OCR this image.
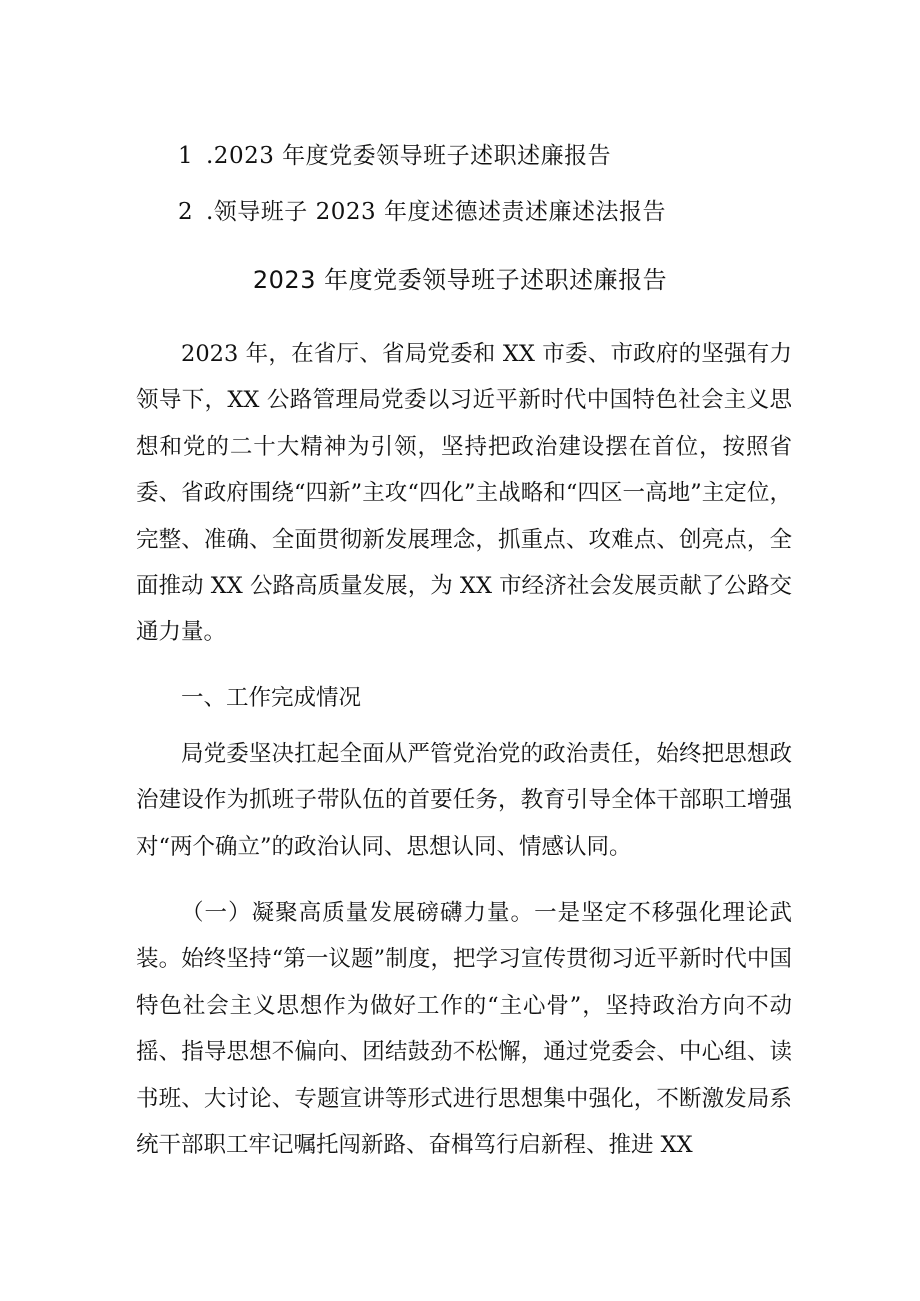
1 .2023 年度党委领导班子述职述廉报告
2 .领导班子 2023 年度述德述责述廉述法报告
2023 年度党委领导班子述职述廉报告

2023 年，在省厅、省局党委和 XX 市委、市政府的坚强有力领导下，XX 公路管理局党委以习近平新时代中国特色社会主义思想和党的二十大精神为引领，坚持把政治建设摆在首位，按照省委、省政府围绕“四新”主攻“四化”主战略和“四区一高地”主定位，完整、准确、全面贯彻新发展理念，抓重点、攻难点、创亮点，全面推动 XX 公路高质量发展，为 XX 市经济社会发展贡献了公路交通力量。

一、工作完成情况

局党委坚决扛起全面从严管党治党的政治责任，始终把思想政治建设作为抓班子带队伍的首要任务，教育引导全体干部职工增强对“两个确立”的政治认同、思想认同、情感认同。

（一）凝聚高质量发展磅礴力量。一是坚定不移强化理论武装。始终坚持“第一议题”制度，把学习宣传贯彻习近平新时代中国特色社会主义思想作为做好工作的“主心骨”，坚持政治方向不动摇、指导思想不偏向、团结鼓劲不松懈，通过党委会、中心组、读书班、大讨论、专题宣讲等形式进行思想集中强化，不断激发局系统干部职工牢记嘱托闯新路、奋楫笃行启新程、推进 XX
